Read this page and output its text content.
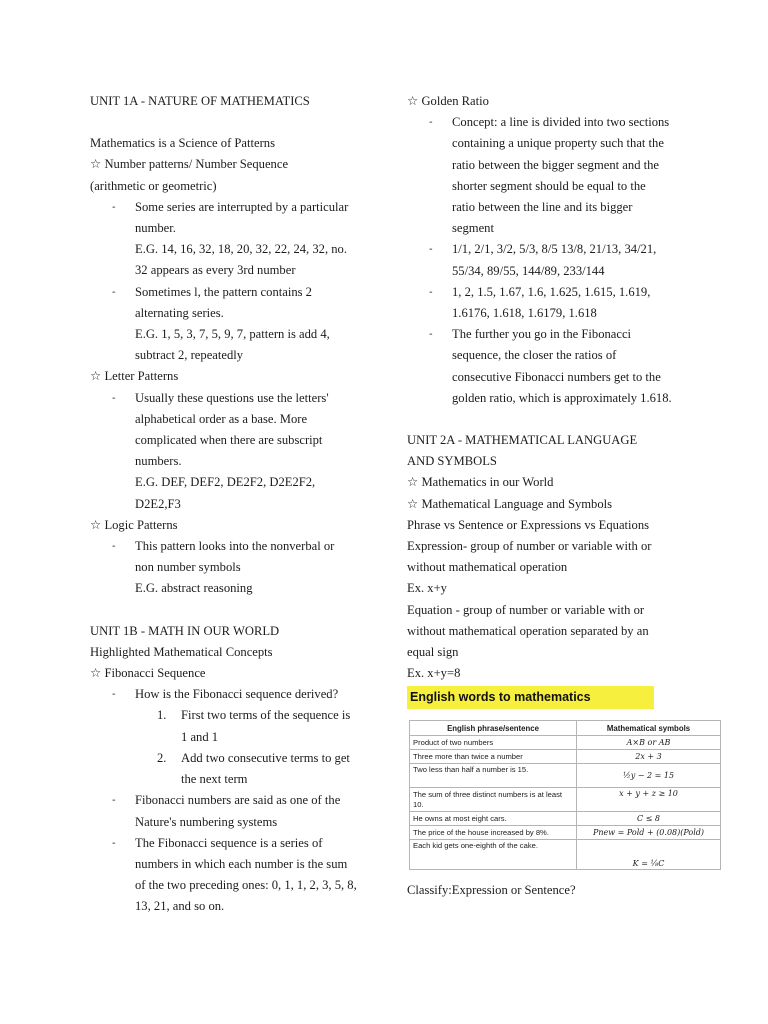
UNIT 1A - NATURE OF MATHEMATICS

Mathematics is a Science of Patterns

☆ Number patterns/ Number Sequence

(arithmetic or geometric)

- Some series are interrupted by a particular

number.

E.G. 14, 16, 32, 18, 20, 32, 22, 24, 32, no.

32 appears as every 3rd number

- Sometimes l, the pattern contains 2

alternating series.

E.G. 1, 5, 3, 7, 5, 9, 7, pattern is add 4,

subtract 2, repeatedly

☆ Letter Patterns

- Usually these questions use the letters'

alphabetical order as a base. More

complicated when there are subscript

numbers.

E.G. DEF, DEF2, DE2F2, D2E2F2,

D2E2,F3

☆ Logic Patterns

- This pattern looks into the nonverbal or

non number symbols

E.G. abstract reasoning

UNIT 1B - MATH IN OUR WORLD

Highlighted Mathematical Concepts

☆ Fibonacci Sequence

- How is the Fibonacci sequence derived?

1. First two terms of the sequence is

1 and 1

2. Add two consecutive terms to get

the next term

- Fibonacci numbers are said as one of the

Nature's numbering systems

- The Fibonacci sequence is a series of

numbers in which each number is the sum

of the two preceding ones: 0, 1, 1, 2, 3, 5, 8,

13, 21, and so on.

☆ Golden Ratio

- Concept: a line is divided into two sections

containing a unique property such that the

ratio between the bigger segment and the

shorter segment should be equal to the

ratio between the line and its bigger

segment

- 1/1, 2/1, 3/2, 5/3, 8/5 13/8, 21/13, 34/21,

55/34, 89/55, 144/89, 233/144

- 1, 2, 1.5, 1.67, 1.6, 1.625, 1.615, 1.619,

1.6176, 1.618, 1.6179, 1.618

- The further you go in the Fibonacci

sequence, the closer the ratios of

consecutive Fibonacci numbers get to the

golden ratio, which is approximately 1.618.

UNIT 2A - MATHEMATICAL LANGUAGE

AND SYMBOLS

☆ Mathematics in our World

☆ Mathematical Language and Symbols

Phrase vs Sentence or Expressions vs Equations

Expression- group of number or variable with or

without mathematical operation

Ex. x+y

Equation - group of number or variable with or

without mathematical operation separated by an

equal sign

Ex. x+y=8

English words to mathematics
English phrase/sentence	Mathematical symbols
Product of two numbers	A×B or AB
Three more than twice a number	2x + 3
Two less than half a number is 15.	½y − 2 = 15
The sum of three distinct numbers is at least 10.	x + y + z ≥ 10
He owns at most eight cars.	C ≤ 8
The price of the house increased by 8%.	Pnew = Pold + (0.08)(Pold)
Each kid gets one-eighth of the cake.	K = ⅛C

Classify:Expression or Sentence?
